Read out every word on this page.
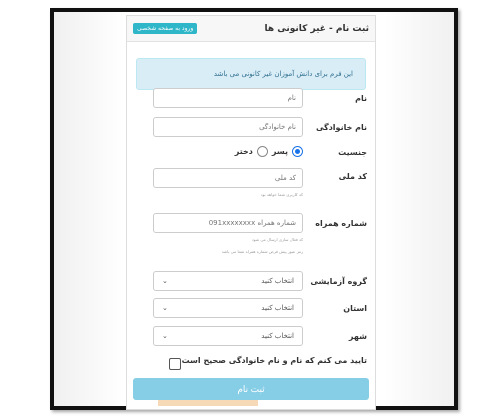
ثبت نام - غیر کانونی ها
ورود به صفحه شخصی
این فرم برای دانش آموزان غیر کانونی می باشد
نام
نام
نام خانوادگی
نام خانوادگی
جنسیت
پسر
دختر
کد ملی
کد ملی
کد کاربری شما خواهد بود
شماره همراه
شماره همراه 091xxxxxxxx
کد فعال سازی ارسال می شود
رمز عبور پیش فرض شماره همراه شما می باشد
گروه آزمایشی
انتخاب کنید
⌄
استان
انتخاب کنید
⌄
شهر
انتخاب کنید
⌄
تایید می کنم که نام و نام خانوادگی صحیح است
ثبت نام
